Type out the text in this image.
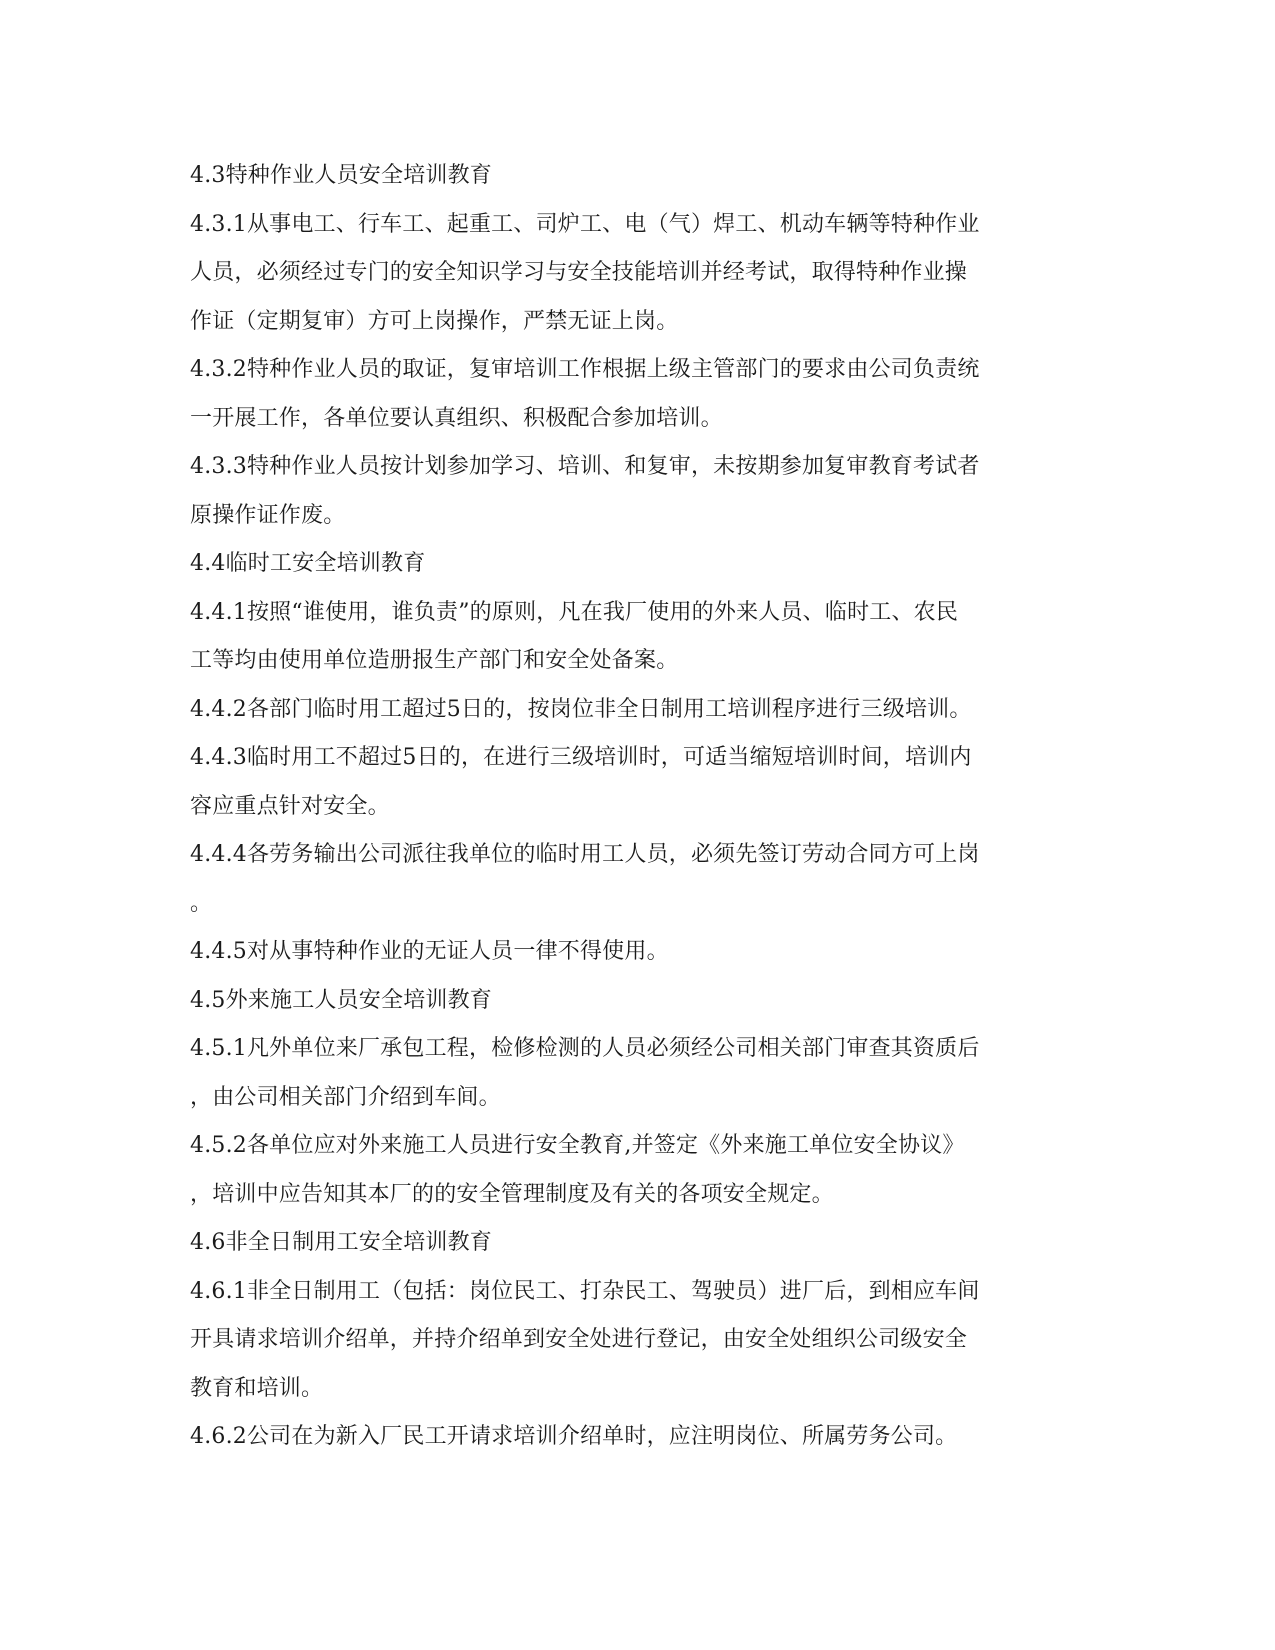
4.3特种作业人员安全培训教育
4.3.1从事电工、行车工、起重工、司炉工、电（气）焊工、机动车辆等特种作业
人员，必须经过专门的安全知识学习与安全技能培训并经考试，取得特种作业操
作证（定期复审）方可上岗操作，严禁无证上岗。
4.3.2特种作业人员的取证，复审培训工作根据上级主管部门的要求由公司负责统
一开展工作，各单位要认真组织、积极配合参加培训。
4.3.3特种作业人员按计划参加学习、培训、和复审，未按期参加复审教育考试者
原操作证作废。
4.4临时工安全培训教育
4.4.1按照“谁使用，谁负责”的原则，凡在我厂使用的外来人员、临时工、农民
工等均由使用单位造册报生产部门和安全处备案。
4.4.2各部门临时用工超过5日的，按岗位非全日制用工培训程序进行三级培训。
4.4.3临时用工不超过5日的，在进行三级培训时，可适当缩短培训时间，培训内
容应重点针对安全。
4.4.4各劳务输出公司派往我单位的临时用工人员，必须先签订劳动合同方可上岗
。
4.4.5对从事特种作业的无证人员一律不得使用。
4.5外来施工人员安全培训教育
4.5.1凡外单位来厂承包工程，检修检测的人员必须经公司相关部门审查其资质后
，由公司相关部门介绍到车间。
4.5.2各单位应对外来施工人员进行安全教育,并签定《外来施工单位安全协议》
，培训中应告知其本厂的的安全管理制度及有关的各项安全规定。
4.6非全日制用工安全培训教育
4.6.1非全日制用工（包括：岗位民工、打杂民工、驾驶员）进厂后，到相应车间
开具请求培训介绍单，并持介绍单到安全处进行登记，由安全处组织公司级安全
教育和培训。
4.6.2公司在为新入厂民工开请求培训介绍单时，应注明岗位、所属劳务公司。
